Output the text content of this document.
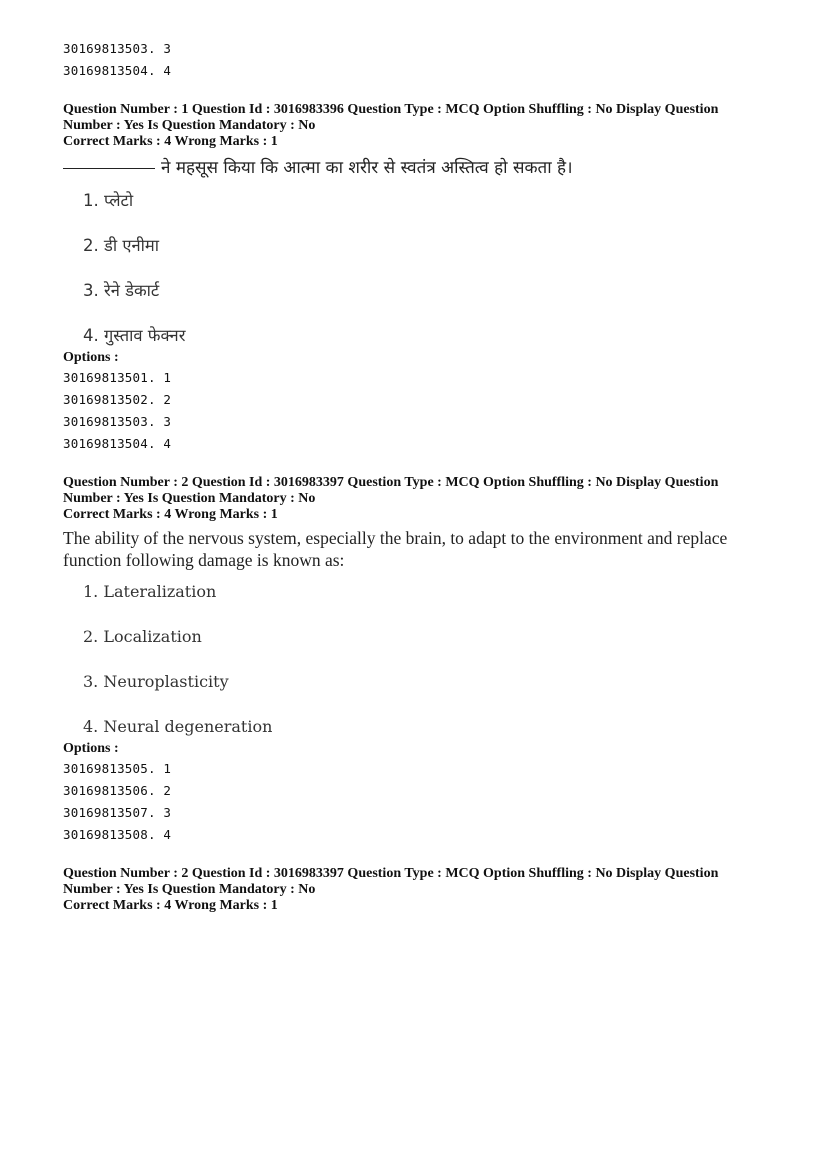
30169813503. 3
30169813504. 4
Question Number : 1 Question Id : 3016983396 Question Type : MCQ Option Shuffling : No Display Question
Number : Yes Is Question Mandatory : No
Correct Marks : 4 Wrong Marks : 1
ने महसूस किया कि आत्मा का शरीर से स्वतंत्र अस्तित्व हो सकता है।
1. प्लेटो
2. डी एनीमा
3. रेने डेकार्ट
4. गुस्ताव फेक्नर
Options :
30169813501. 1
30169813502. 2
30169813503. 3
30169813504. 4
Question Number : 2 Question Id : 3016983397 Question Type : MCQ Option Shuffling : No Display Question
Number : Yes Is Question Mandatory : No
Correct Marks : 4 Wrong Marks : 1
The ability of the nervous system, especially the brain, to adapt to the environment and replace function following damage is known as:
1. Lateralization
2. Localization
3. Neuroplasticity
4. Neural degeneration
Options :
30169813505. 1
30169813506. 2
30169813507. 3
30169813508. 4
Question Number : 2 Question Id : 3016983397 Question Type : MCQ Option Shuffling : No Display Question
Number : Yes Is Question Mandatory : No
Correct Marks : 4 Wrong Marks : 1
